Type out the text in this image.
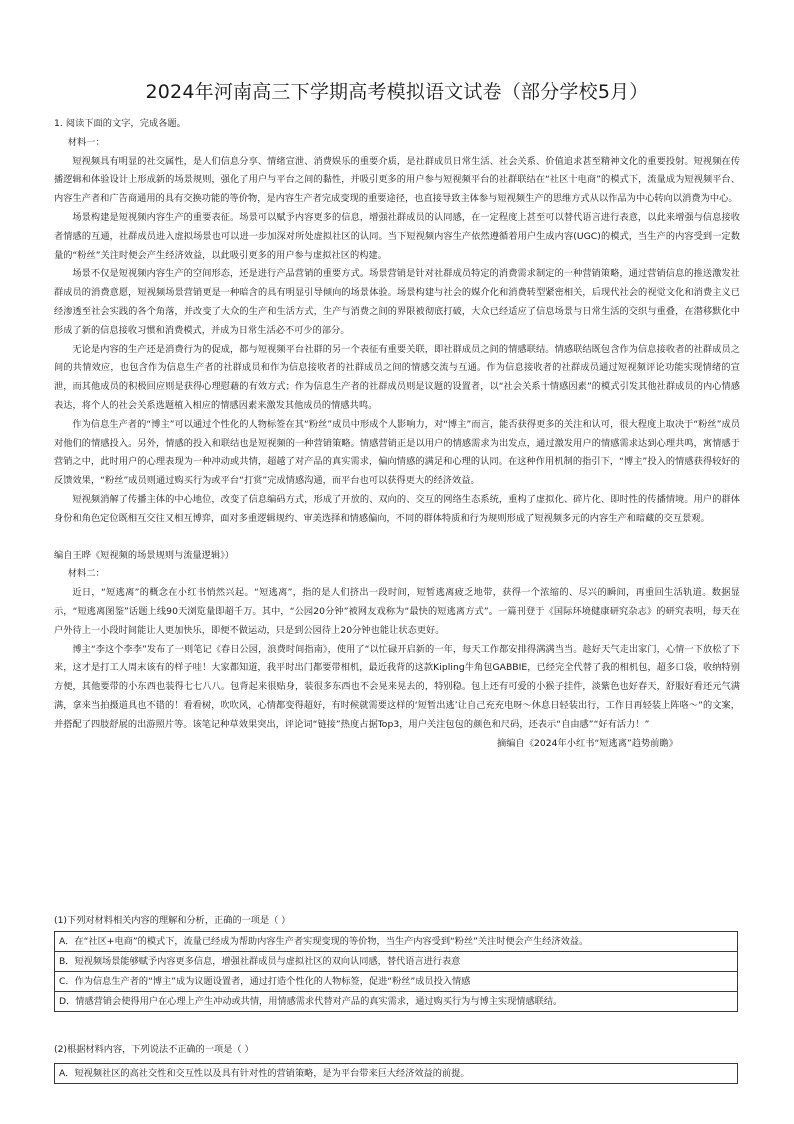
2024年河南高三下学期高考模拟语文试卷（部分学校5月）

1. 阅读下面的文字，完成各题。

材料一：

短视频具有明显的社交属性，是人们信息分享、情绪宣泄、消费娱乐的重要介质，是社群成员日常生活、社会关系、价值追求甚至精神文化的重要投射。短视频在传播逻辑和体验设计上形成新的场景规则，强化了用户与平台之间的黏性，并吸引更多的用户参与短视频平台的社群联结在“社区十电商”的模式下，流量成为短视频平台、内容生产者和广告商通用的具有交换功能的等价物，是内容生产者完成变现的重要途径，也直接导致主体参与短视频生产的思维方式从以作品为中心转向以消费为中心。

场景构建是短视频内容生产的重要表征。场景可以赋予内容更多的信息，增强社群成员的认同感，在一定程度上甚至可以替代语言进行表意，以此来增强与信息接收者情感的互通，社群成员进入虚拟场景也可以进一步加深对所处虚拟社区的认同。当下短视频内容生产依然遵循着用户生成内容(UGC)的模式，当生产的内容受到一定数量的“粉丝”关注时便会产生经济效益，以此吸引更多的用户参与虚拟社区的构建。

场景不仅是短视频内容生产的空间形态，还是进行产品营销的重要方式。场景营销是针对社群成员特定的消费需求制定的一种营销策略，通过营销信息的推送激发社群成员的消费意愿，短视频场景营销更是一种暗含的具有明显引导倾向的场景体验。场景构建与社会的媒介化和消费转型紧密相关，后现代社会的视觉文化和消费主义已经渗透至社会实践的各个角落，并改变了大众的生产和生活方式，生产与消费之间的界限被彻底打破，大众已经适应了信息场景与日常生活的交织与重叠，在潜移默化中形成了新的信息接收习惯和消费模式，并成为日常生活必不可少的部分。

无论是内容的生产还是消费行为的促成，都与短视频平台社群的另一个表征有重要关联，即社群成员之间的情感联结。情感联结既包含作为信息接收者的社群成员之间的共情效应，也包含作为信息生产者的社群成员和作为信息接收者的社群成员之间的情感交流与互通。作为信息接收者的社群成员通过短视频评论功能实现情绪的宣泄，而其他成员的积极回应则是获得心理慰藉的有效方式；作为信息生产者的社群成员则是议题的设置者，以“社会关系十情感因素”的模式引发其他社群成员的内心情感表达，将个人的社会关系选题植入相应的情感因素来激发其他成员的情感共鸣。

作为信息生产者的“博主”可以通过个性化的人物标签在其“粉丝”成员中形成个人影响力，对“博主”而言，能否获得更多的关注和认可，很大程度上取决于“粉丝”成员对他们的情感投入。另外，情感的投入和联结也是短视频的一种营销策略。情感营销正是以用户的情感需求为出发点，通过激发用户的情感需求达到心理共鸣，寓情感于营销之中，此时用户的心理表现为一种冲动或共情，超越了对产品的真实需求，偏向情感的满足和心理的认同。在这种作用机制的指引下，“博主”投入的情感获得较好的反馈效果，“粉丝”成员则通过购买行为或平台“打赏”完成情感沟通，而平台也可以获得更大的经济效益。

短视频消解了传播主体的中心地位，改变了信息编码方式，形成了开放的、双向的、交互的网络生态系统，重构了虚拟化、碎片化、即时性的传播情境。用户的群体身份和角色定位既相互交往又相互博弈，面对多重逻辑规约、审美选择和情感偏向，不同的群体特质和行为规则形成了短视频多元的内容生产和暗藏的交互景观。

编自王晔《短视频的场景规则与流量逻辑》）

材料二：

近日，“短逃离”的概念在小红书悄然兴起。“短逃离”，指的是人们挤出一段时间，短暂逃离疲乏地带，获得一个浓缩的、尽兴的瞬间，再重回生活轨道。数据显示，“短逃离图鉴”话题上线90天浏览量即超千万。其中，“公园20分钟”被网友戏称为“最快的短逃离方式”。一篇刊登于《国际环境健康研究杂志》的研究表明，每天在户外待上一小段时间能让人更加快乐，即便不做运动，只是到公园待上20分钟也能让状态更好。

博主“李这个李李”发布了一则笔记《春日公园，浪费时间指南》，使用了“以忙碌开启新的一年，每天工作都安排得满满当当。趁好天气走出家门，心情一下放松了下来，这才是打工人周末该有的样子哇！大家都知道，我平时出门都要带相机，最近我背的这款Kipling牛角包GABBIE，已经完全代替了我的相机包，超多口袋，收纳特别方便，其他要带的小东西也装得七七八八。包背起来很贴身，装很多东西也不会晃来晃去的，特别稳。包上还有可爱的小猴子挂件，淡紫色也好春天，舒服好看还元气满满，拿来当拍摄道具也不错的！看看树，吹吹风，心情都变得超好，有时候就需要这样的‘短暂出逃’让自己充充电呀～休息日轻装出行，工作日再轻装上阵咯～”的文案，并搭配了四肢舒展的出游照片等。该笔记种草效果突出，评论词“链接”热度占据Top3，用户关注包包的颜色和尺码，还表示“自由感”“好有活力！”

摘编自《2024年小红书“短逃离”趋势前瞻》

(1)下列对材料相关内容的理解和分析，正确的一项是（ ）
A．在“社区+电商”的模式下，流量已经成为帮助内容生产者实现变现的等价物，当生产内容受到“粉丝”关注时便会产生经济效益。
B．短视频场景能够赋予内容更多信息，增强社群成员与虚拟社区的双向认同感，替代语言进行表意
C．作为信息生产者的“博主”成为议题设置者，通过打造个性化的人物标签，促进“粉丝”成员投入情感
D．情感营销会使得用户在心理上产生冲动或共情，用情感需求代替对产品的真实需求，通过购买行为与博主实现情感联结。
(2)根据材料内容，下列说法不正确的一项是（ ）
A．短视频社区的高社交性和交互性以及具有针对性的营销策略，是为平台带来巨大经济效益的前提。
